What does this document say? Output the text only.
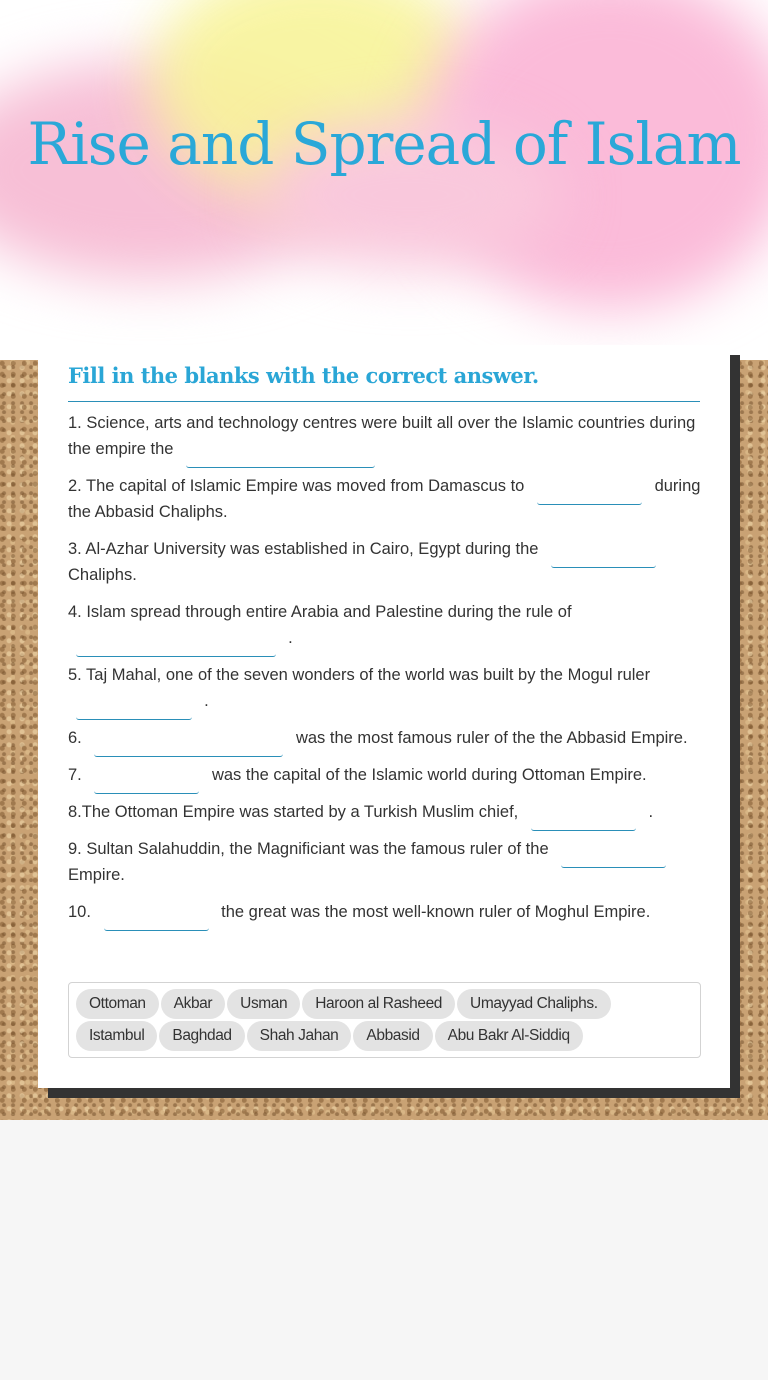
Rise and Spread of Islam
Fill in the blanks with the correct answer.

1. Science, arts and technology centres were built all over the Islamic countries during the empire the

2. The capital of Islamic Empire was moved from Damascus to	during the Abbasid Chaliphs.

3. Al-Azhar University was established in Cairo, Egypt during the  Chaliphs.

4. Islam spread through entire Arabia and Palestine during the rule of  .

5. Taj Mahal, one of the seven wonders of the world was built by the Mogul ruler  .

6.	was the most famous ruler of the the Abbasid Empire.

7.	was the capital of the Islamic world during Ottoman Empire.

8.The Ottoman Empire was started by a Turkish Muslim chief,	.

9. Sultan Salahuddin, the Magnificiant was the famous ruler of the  Empire.

10.	the great was the most well-known ruler of Moghul Empire.

Ottoman Akbar Usman Haroon al Rasheed Umayyad Chaliphs.
Istambul Baghdad Shah Jahan Abbasid Abu Bakr Al-Siddiq
